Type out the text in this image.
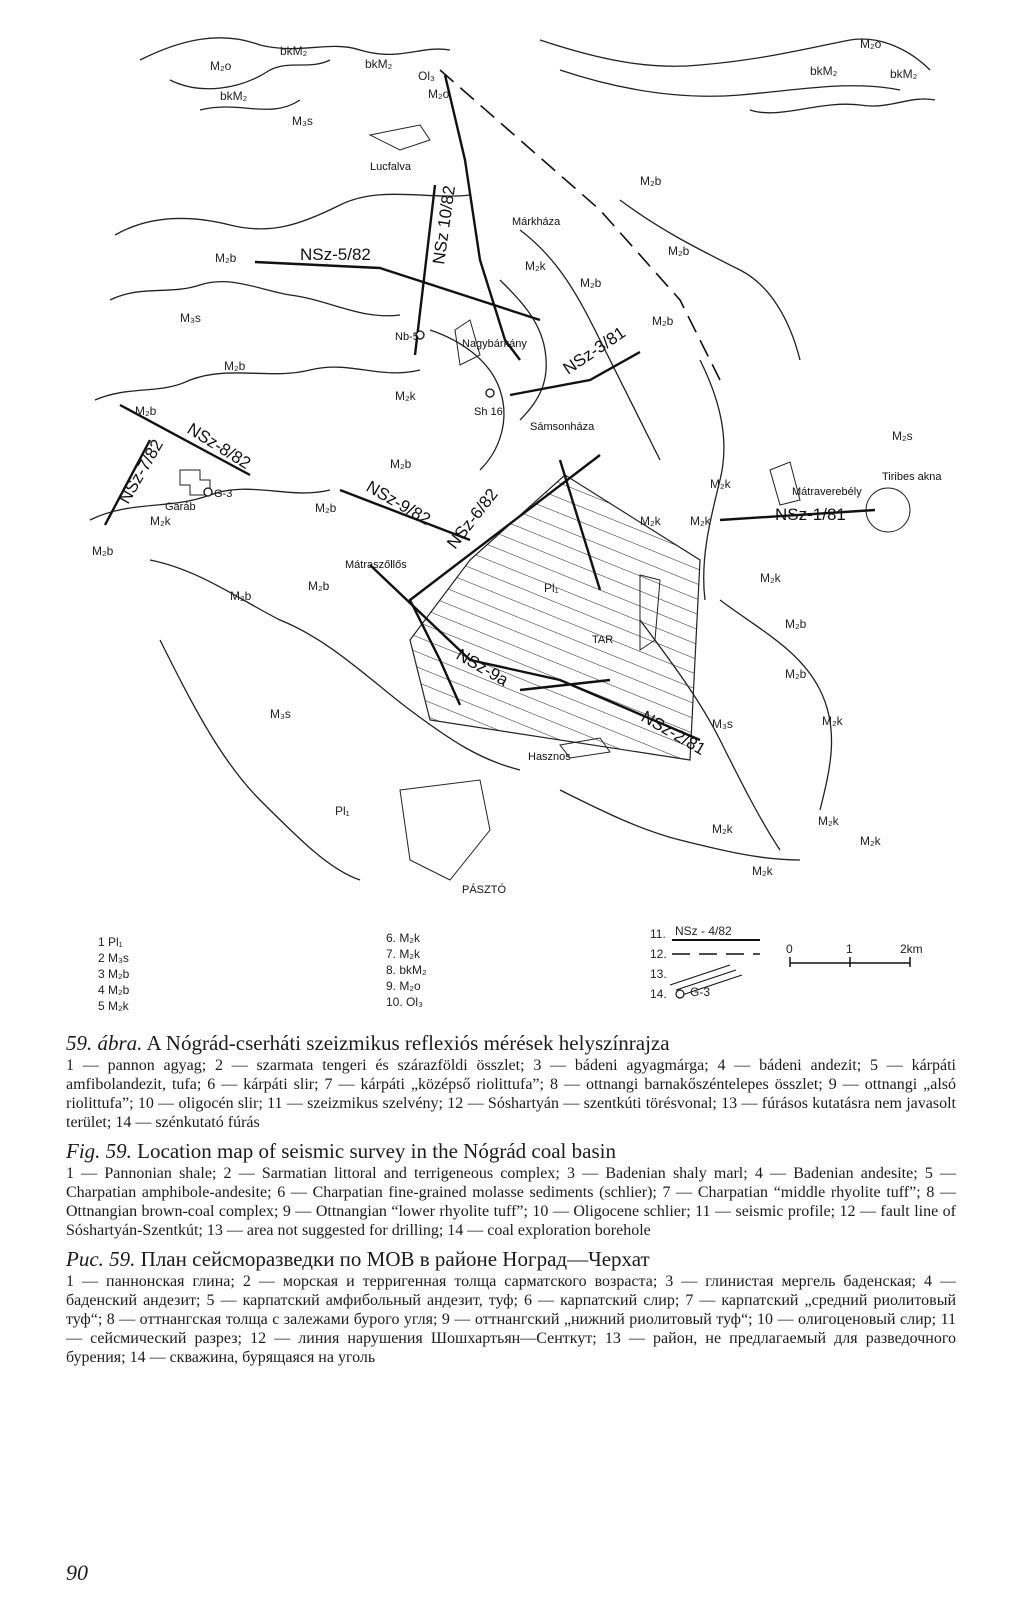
NSz-5/82	NSz 10/82
NSz-3/81
NSz-8/82
NSz-7/82	NSz-9/82 NSz-6/82	NSz-1/81
NSz-9a
NSz-2/81
Lucfalva
Márkháza
Nb-5
Nagybárkány
Sh 16
Sámsonháza
Garáb
G-3
Mátraszőllős
Mátraverebély
Tiribes akna
TAR
Hasznos
PÁSZTÓ
M₂o
bkM₂
bkM₂
M₃s
bkM₂
Ol₃
M₂o
M₂o
bkM₂	bkM₂
M₂b
M₂b	M₂b
M₂k
M₂b
M₃s	M₂b
M₂b
M₂k
M₂b
M₂s
M₂b
M₂k
M₂b
M₂k	M₂k M₂k
M₂b
M₂k
M₂b	Pl₁
M₂b
M₂b
M₂b
M₃s	M₂k
M₃s
Pl₁
M₂k
M₂k
M₂k
M₂k
1 Pl₁
2 M₃s
3 M₂b
4 M₂b
5 M₂k
6. M₂k
7. M₂k
8. bkM₂
9. M₂o
10. Ol₃
11. NSz - 4/82
12.
13.
14. G-3
0	1	2km

59. ábra. A Nógrád-cserháti szeizmikus reflexiós mérések helyszínrajza

1 — pannon agyag; 2 — szarmata tengeri és szárazföldi összlet; 3 — bádeni agyagmárga; 4 — bádeni andezit; 5 — kárpáti amfibolandezit, tufa; 6 — kárpáti slir; 7 — kárpáti „középső riolittufa”; 8 — ottnangi barnakőszéntelepes összlet; 9 — ottnangi „alsó riolittufa”; 10 — oligocén slir; 11 — szeizmikus szelvény; 12 — Sóshartyán — szentkúti törésvonal; 13 — fúrásos kutatásra nem javasolt terület; 14 — szénkutató fúrás

Fig. 59. Location map of seismic survey in the Nógrád coal basin

1 — Pannonian shale; 2 — Sarmatian littoral and terrigeneous complex; 3 — Badenian shaly marl; 4 — Badenian andesite; 5 — Charpatian amphibole-andesite; 6 — Charpatian fine-grained molasse sediments (schlier); 7 — Charpatian “middle rhyolite tuff”; 8 — Ottnangian brown-coal complex; 9 — Ottnangian “lower rhyolite tuff”; 10 — Oligocene schlier; 11 — seismic profile; 12 — fault line of Sóshartyán-Szentkút; 13 — area not suggested for drilling; 14 — coal exploration borehole

Рис. 59. План сейсморазведки по МОВ в районе Ноград—Черхат

1 — паннонская глина; 2 — морская и терригенная толща сарматского возраста; 3 — глинистая мергель баденская; 4 — баденский андезит; 5 — карпатский амфибольный андезит, туф; 6 — карпатский слир; 7 — карпатский „средний риолитовый туф“; 8 — оттнангская толща с залежами бурого угля; 9 — оттнангский „нижний риолитовый туф“; 10 — олигоценовый слир; 11 — сейсмический разрез; 12 — линия нарушения Шошхартьян—Сенткут; 13 — район, не предлагаемый для разведочного бурения; 14 — скважина, бурящаяся на уголь

90
